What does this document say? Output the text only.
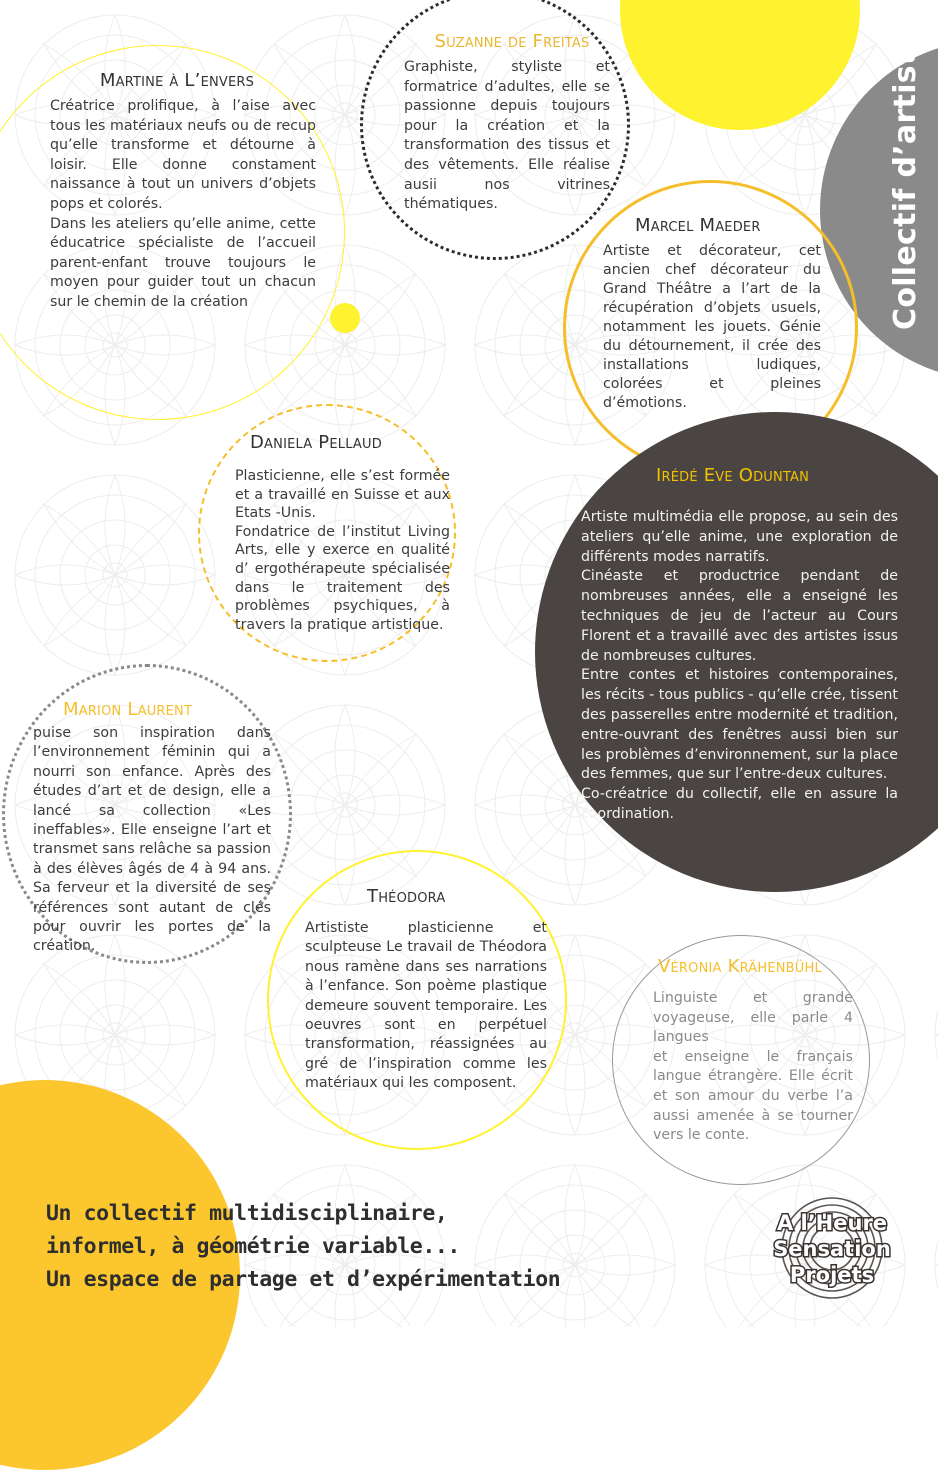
Collectif d’artistes
Martine à L’envers

Créatrice prolifique, à l’aise avec tous les matériaux neufs ou de recup qu’elle transforme et détourne à loisir. Elle donne constament naissance à tout un univers d’objets pops et colorés.
Dans les ateliers qu’elle anime, cette éducatrice spécialiste de l’accueil parent-enfant trouve toujours le moyen pour guider tout un chacun sur le chemin de la création

Suzanne de Freitas

Graphiste, styliste et formatrice d’adultes, elle se passionne depuis toujours pour la création et la transformation des tissus et des vêtements. Elle réalise ausii nos vitrines thématiques.

Marcel Maeder

Artiste et décorateur, cet ancien chef décorateur du Grand Théâtre a l’art de la récupération d’objets usuels, notamment les jouets. Génie du détournement, il crée des installations ludiques, colorées et pleines d’émotions.

Daniela Pellaud

Plasticienne, elle s’est formée et a travaillé en Suisse et aux Etats -Unis.
Fondatrice de l’institut Living Arts, elle y exerce en qualité d’ ergothérapeute spécialisée dans le traitement des problèmes psychiques, à travers la pratique artistique.

Irédé Eve Oduntan

Artiste multimédia elle propose, au sein des ateliers qu’elle anime, une exploration de différents modes narratifs.
Cinéaste et productrice pendant de nombreuses années, elle a enseigné les techniques de jeu de l’acteur au Cours Florent et a travaillé avec des artistes issus de nombreuses cultures.
Entre contes et histoires contemporaines, les récits - tous publics - qu’elle crée, tissent des passerelles entre modernité et tradition, entre-ouvrant des fenêtres aussi bien sur les problèmes d’environnement, sur la place des femmes, que sur l’entre-deux cultures.
Co-créatrice du collectif, elle en assure la coordination.

Marion Laurent

puise son inspiration dans l’environnement féminin qui a nourri son enfance. Après des études d’art et de design, elle a lancé sa collection «Les ineffables». Elle enseigne l’art et transmet sans relâche sa passion à des élèves âgés de 4 à 94 ans. Sa ferveur et la diversité de ses références sont autant de clés pour ouvrir les portes de la création.

Théodora

Artististe plasticienne et sculpteuse Le travail de Théodora nous ramène dans ses narrations à l’enfance. Son poème plastique demeure souvent temporaire. Les oeuvres sont en perpétuel transformation, réassignées au gré de l’inspiration comme les matériaux qui les composent.

Véronia Krähenbühl

Linguiste et grande voyageuse, elle parle 4 langues
et enseigne le français langue étrangère. Elle écrit et son amour du verbe l’a aussi amenée à se tourner vers le conte.

Un collectif multidisciplinaire,
informel, à géométrie variable...
Un espace de partage et d’expérimentation
A l’Heure
Sensation
Projets
